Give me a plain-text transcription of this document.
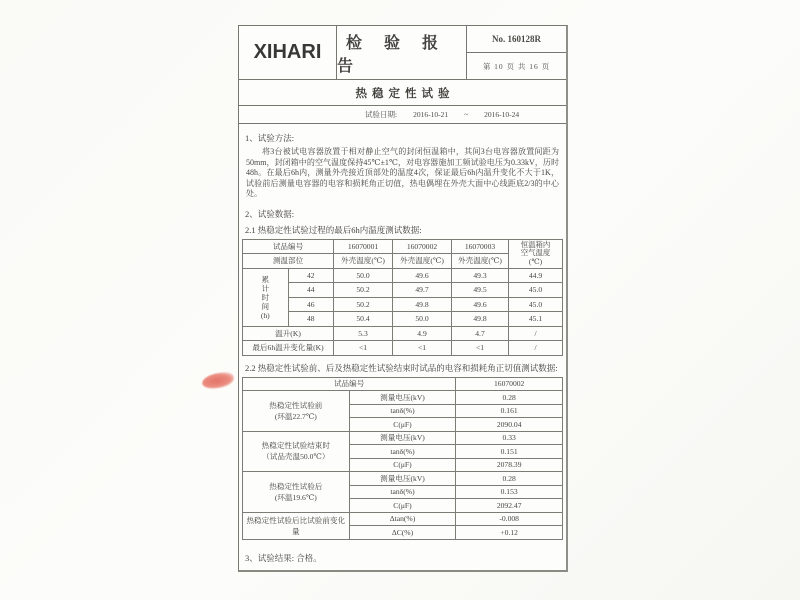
XIHARI	检 验 报 告
No. 160128R
第 10 页 共 16 页
热稳定性试验
试验日期: 2016-10-21 ~ 2016-10-24
1、试验方法:
将3台被试电容器放置于相对静止空气的封闭恒温箱中，其间3台电容器放置间距为50mm，封闭箱中的空气温度保持45℃±1℃，对电容器施加工频试验电压为0.33kV，历时48h。在最后6h内，测量外壳接近顶部处的温度4次，保证最后6h内温升变化不大于1K，试验前后测量电容器的电容和损耗角正切值，热电偶埋在外壳大面中心线距底2/3的中心处。
2、试验数据:
2.1 热稳定性试验过程的最后6h内温度测试数据:
试品编号		16070001	16070002	16070003	恒温箱内
空气温度
(℃)

测温部位		外壳温度(℃)	外壳温度(℃)	外壳温度(℃)	

累
计
时
间
(h)	42	50.0	49.6	49.3	44.9
	44	50.2	49.7	49.5	45.0
	46	50.2	49.8	49.6	45.0
	48	50.4	50.0	49.8	45.1
温升(K)		5.3	4.9	4.7	/
最后6h温升变化量(K)		<1	<1	<1	/
2.2 热稳定性试验前、后及热稳定性试验结束时试品的电容和损耗角正切值测试数据:
试品编号		16070002

热稳定性试验前
(环温22.7℃)	测量电压(kV)	0.28
	tanδ(%)	0.161
	C(μF)	2090.04

热稳定性试验结束时
（试品壳温50.0℃）	测量电压(kV)	0.33
	tanδ(%)	0.151
	C(μF)	2078.39

热稳定性试验后
(环温19.6℃)	测量电压(kV)	0.28
	tanδ(%)	0.153
	C(μF)	2092.47

热稳定性试验后比试验前变化量	Δtan(%)	-0.008
	ΔC(%)	+0.12
3、试验结果: 合格。
